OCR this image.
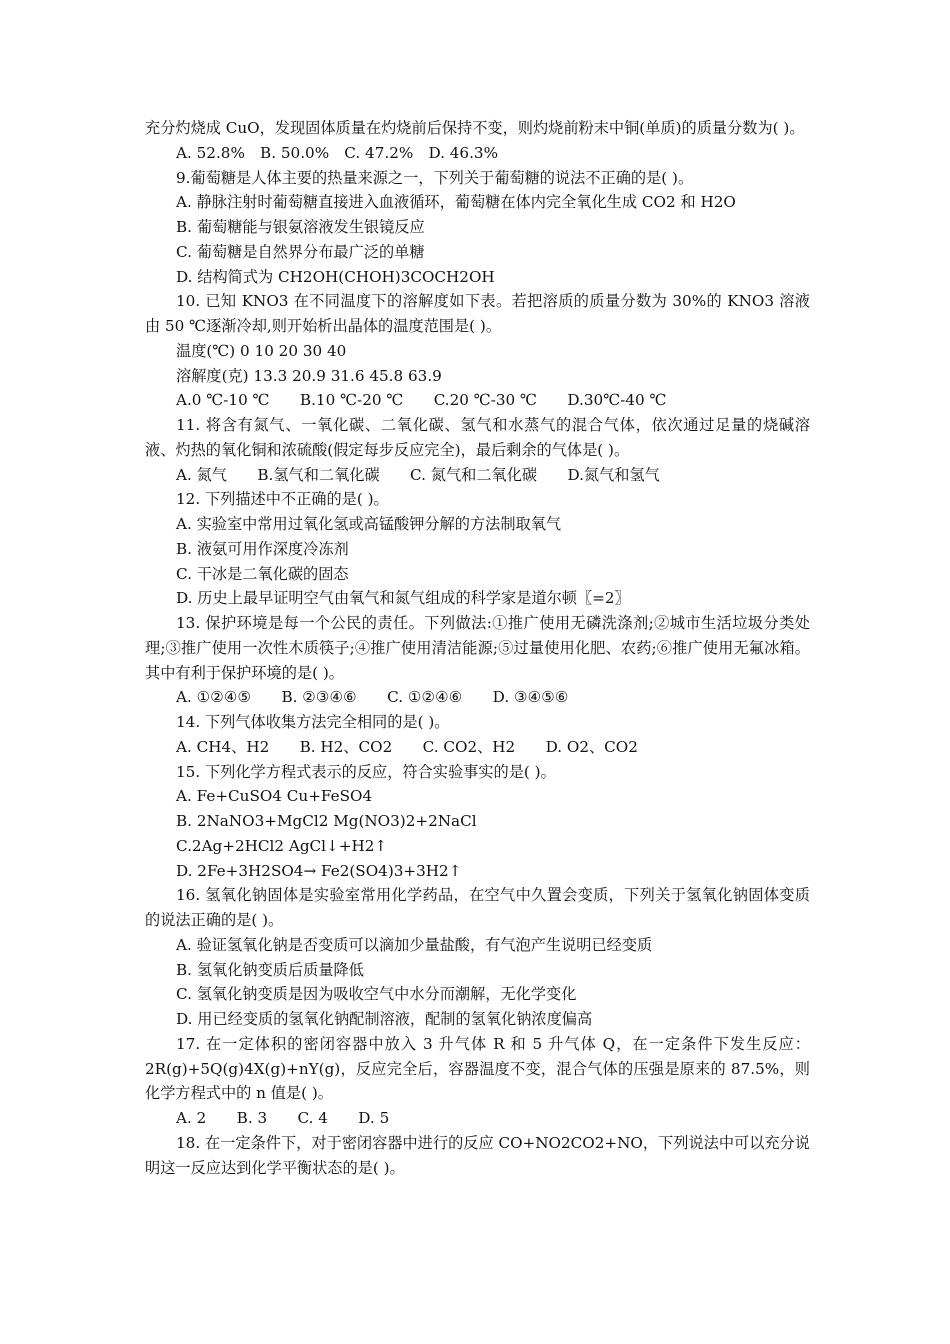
充分灼烧成 CuO，发现固体质量在灼烧前后保持不变，则灼烧前粉末中铜(单质)的质量分数为( )。

A. 52.8%　B. 50.0%　C. 47.2%　D. 46.3%

9.葡萄糖是人体主要的热量来源之一，下列关于葡萄糖的说法不正确的是( )。

A. 静脉注射时葡萄糖直接进入血液循环，葡萄糖在体内完全氧化生成 CO2 和 H2O

B. 葡萄糖能与银氨溶液发生银镜反应

C. 葡萄糖是自然界分布最广泛的单糖

D. 结构简式为 CH2OH(CHOH)3COCH2OH

10. 已知 KNO3 在不同温度下的溶解度如下表。若把溶质的质量分数为 30%的 KNO3 溶液由 50 ℃逐渐冷却,则开始析出晶体的温度范围是( )。

温度(℃) 0 10 20 30 40

溶解度(克) 13.3 20.9 31.6 45.8 63.9

A.0 ℃-10 ℃　　B.10 ℃-20 ℃　　C.20 ℃-30 ℃　　D.30℃-40 ℃

11. 将含有氮气、一氧化碳、二氧化碳、氢气和水蒸气的混合气体，依次通过足量的烧碱溶液、灼热的氧化铜和浓硫酸(假定每步反应完全)，最后剩余的气体是( )。

A. 氮气　　B.氢气和二氧化碳　　C. 氮气和二氧化碳　　D.氮气和氢气

12. 下列描述中不正确的是( )。

A. 实验室中常用过氧化氢或高锰酸钾分解的方法制取氧气

B. 液氨可用作深度冷冻剂

C. 干冰是二氧化碳的固态

D. 历史上最早证明空气由氧气和氮气组成的科学家是道尔顿〖=2〗

13. 保护环境是每一个公民的责任。下列做法:①推广使用无磷洗涤剂;②城市生活垃圾分类处理;③推广使用一次性木质筷子;④推广使用清洁能源;⑤过量使用化肥、农药;⑥推广使用无氟冰箱。其中有利于保护环境的是( )。

A. ①②④⑤　　B. ②③④⑥　　C. ①②④⑥　　D. ③④⑤⑥

14. 下列气体收集方法完全相同的是( )。

A. CH4、H2　　B. H2、CO2　　C. CO2、H2　　D. O2、CO2

15. 下列化学方程式表示的反应，符合实验事实的是( )。

A. Fe+CuSO4 Cu+FeSO4

B. 2NaNO3+MgCl2 Mg(NO3)2+2NaCl

C.2Ag+2HCl2 AgCl↓+H2↑

D. 2Fe+3H2SO4→ Fe2(SO4)3+3H2↑

16. 氢氧化钠固体是实验室常用化学药品，在空气中久置会变质，下列关于氢氧化钠固体变质的说法正确的是( )。

A. 验证氢氧化钠是否变质可以滴加少量盐酸，有气泡产生说明已经变质

B. 氢氧化钠变质后质量降低

C. 氢氧化钠变质是因为吸收空气中水分而潮解，无化学变化

D. 用已经变质的氢氧化钠配制溶液，配制的氢氧化钠浓度偏高

17. 在一定体积的密闭容器中放入 3 升气体 R 和 5 升气体 Q，在一定条件下发生反应：2R(g)+5Q(g)4X(g)+nY(g)，反应完全后，容器温度不变，混合气体的压强是原来的 87.5%，则化学方程式中的 n 值是( )。

A. 2　　B. 3　　C. 4　　D. 5

18. 在一定条件下，对于密闭容器中进行的反应 CO+NO2CO2+NO，下列说法中可以充分说明这一反应达到化学平衡状态的是( )。
